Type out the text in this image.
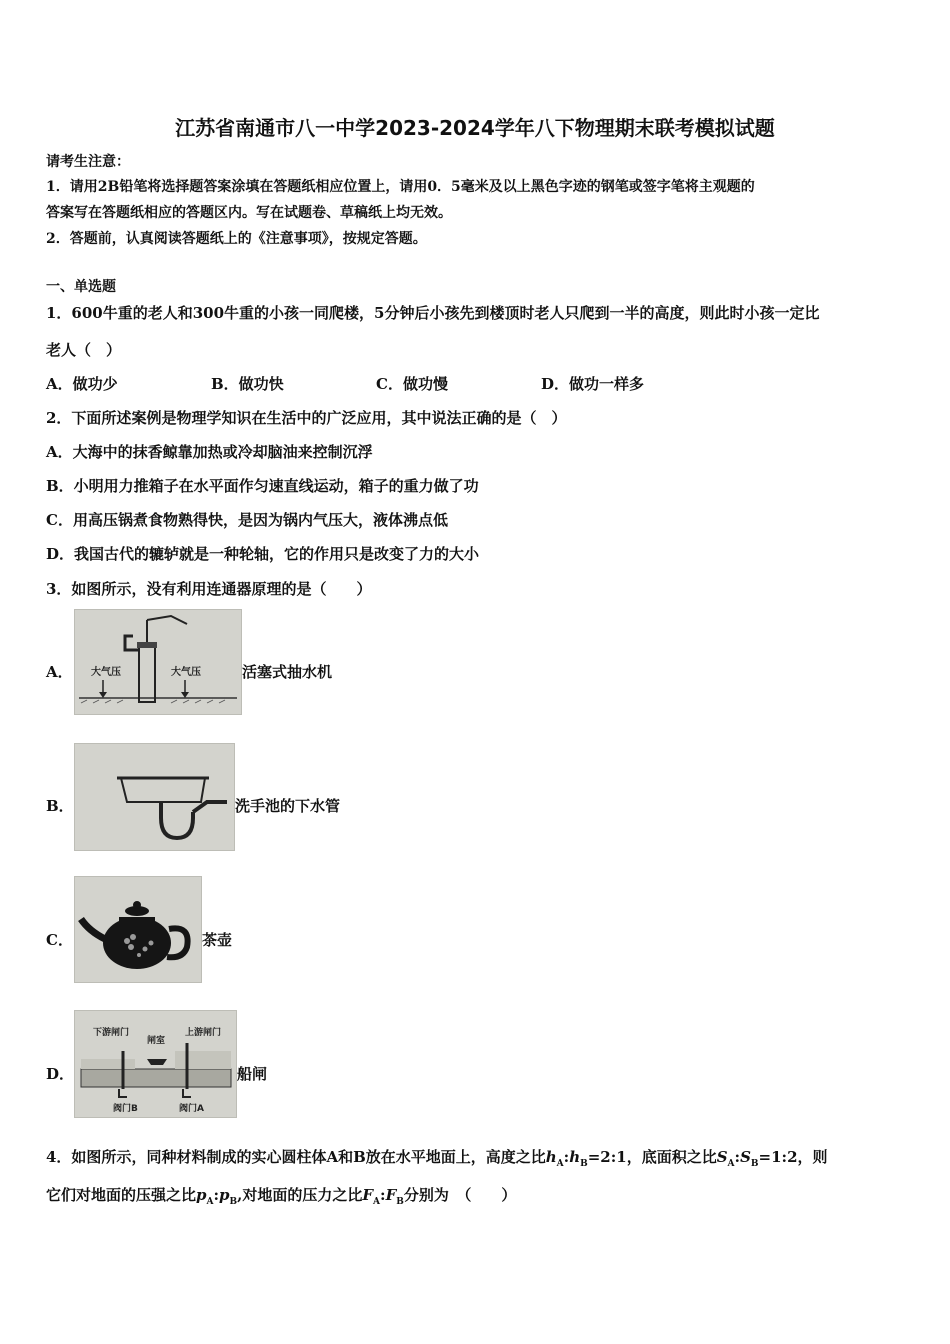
江苏省南通市八一中学2023-2024学年八下物理期末联考模拟试题
请考生注意：
1．请用2B铅笔将选择题答案涂填在答题纸相应位置上，请用0．5毫米及以上黑色字迹的钢笔或签字笔将主观题的
答案写在答题纸相应的答题区内。写在试题卷、草稿纸上均无效。
2．答题前，认真阅读答题纸上的《注意事项》，按规定答题。
一、单选题
1．600牛重的老人和300牛重的小孩一同爬楼，5分钟后小孩先到楼顶时老人只爬到一半的高度，则此时小孩一定比
老人（　）
A．做功少	B．做功快	C．做功慢	D．做功一样多
2．下面所述案例是物理学知识在生活中的广泛应用，其中说法正确的是（　）
A．大海中的抹香鲸靠加热或冷却脑油来控制沉浮
B．小明用力推箱子在水平面作匀速直线运动，箱子的重力做了功
C．用高压锅煮食物熟得快，是因为锅内气压大，液体沸点低
D．我国古代的辘轳就是一种轮轴，它的作用只是改变了力的大小
3．如图所示，没有利用连通器原理的是（　　）
A． 大气压	大气压	活塞式抽水机
B．	洗手池的下水管
C．	茶壶
D．
下游闸门
闸室
上游闸门
阀门B	阀门A
船闸
4．如图所示，同种材料制成的实心圆柱体A和B放在水平地面上，高度之比$h_A:h_B=2:1$，底面积之比$S_A:S_B=1:2$，则
它们对地面的压强之比$p_A:p_B$,对地面的压力之比$F_A:F_B$分别为　（　　）
